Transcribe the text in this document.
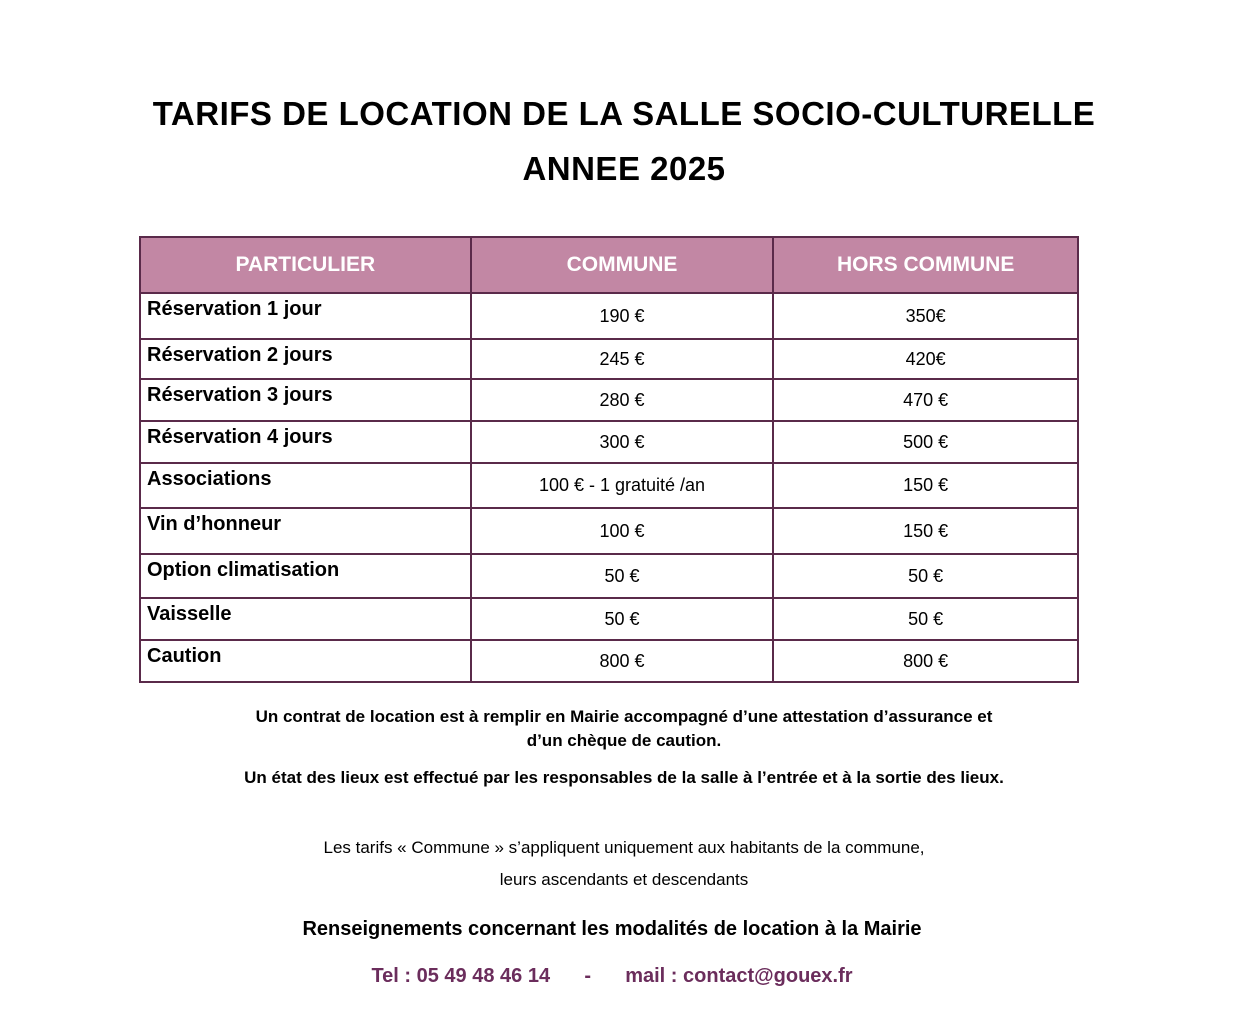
TARIFS DE LOCATION DE LA SALLE SOCIO-CULTURELLE
ANNEE 2025
PARTICULIER	COMMUNE	HORS COMMUNE
Réservation 1 jour	190 €	350€
Réservation 2 jours	245 €	420€
Réservation 3 jours	280 €	470 €
Réservation 4 jours	300 €	500 €
Associations	100 € - 1 gratuité /an	150 €
Vin d’honneur	100 €	150 €
Option climatisation	50 €	50 €
Vaisselle	50 €	50 €
Caution	800 €	800 €
Un contrat de location est à remplir en Mairie accompagné d’une attestation d’assurance et
d’un chèque de caution.
Un état des lieux est effectué par les responsables de la salle à l’entrée et à la sortie des lieux.
Les tarifs « Commune » s’appliquent uniquement aux habitants de la commune,
leurs ascendants et descendants
Renseignements concernant les modalités de location à la Mairie
Tel : 05 49 48 46 14 - mail : contact@gouex.fr
